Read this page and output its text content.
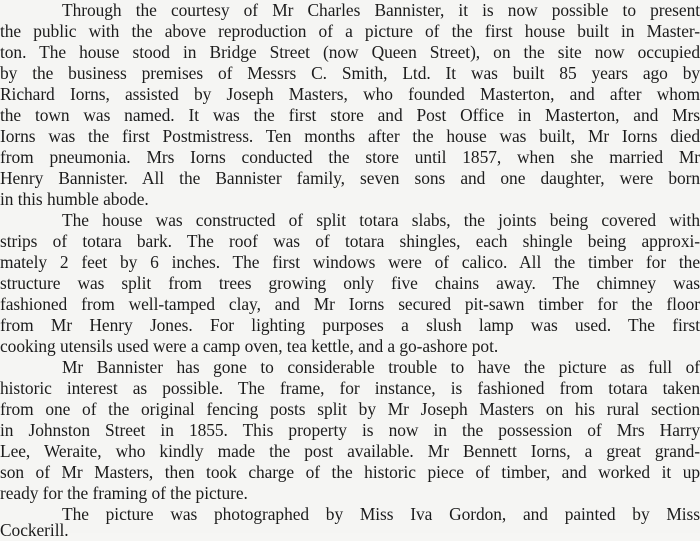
Through the courtesy of Mr Charles Bannister, it is now possible to present
the public with the above reproduction of a picture of the first house built in Master-
ton. The house stood in Bridge Street (now Queen Street), on the site now occupied
by the business premises of Messrs C. Smith, Ltd. It was built 85 years ago by
Richard Iorns, assisted by Joseph Masters, who founded Masterton, and after whom
the town was named. It was the first store and Post Office in Masterton, and Mrs
Iorns was the first Postmistress. Ten months after the house was built, Mr Iorns died
from pneumonia. Mrs Iorns conducted the store until 1857, when she married Mr
Henry Bannister. All the Bannister family, seven sons and one daughter, were born
in this humble abode.
The house was constructed of split totara slabs, the joints being covered with
strips of totara bark. The roof was of totara shingles, each shingle being approxi-
mately 2 feet by 6 inches. The first windows were of calico. All the timber for the
structure was split from trees growing only five chains away. The chimney was
fashioned from well-tamped clay, and Mr Iorns secured pit-sawn timber for the floor
from Mr Henry Jones. For lighting purposes a slush lamp was used. The first
cooking utensils used were a camp oven, tea kettle, and a go-ashore pot.
Mr Bannister has gone to considerable trouble to have the picture as full of
historic interest as possible. The frame, for instance, is fashioned from totara taken
from one of the original fencing posts split by Mr Joseph Masters on his rural section
in Johnston Street in 1855. This property is now in the possession of Mrs Harry
Lee, Weraite, who kindly made the post available. Mr Bennett Iorns, a great grand-
son of Mr Masters, then took charge of the historic piece of timber, and worked it up
ready for the framing of the picture.
The picture was photographed by Miss Iva Gordon, and painted by Miss
Cockerill.
